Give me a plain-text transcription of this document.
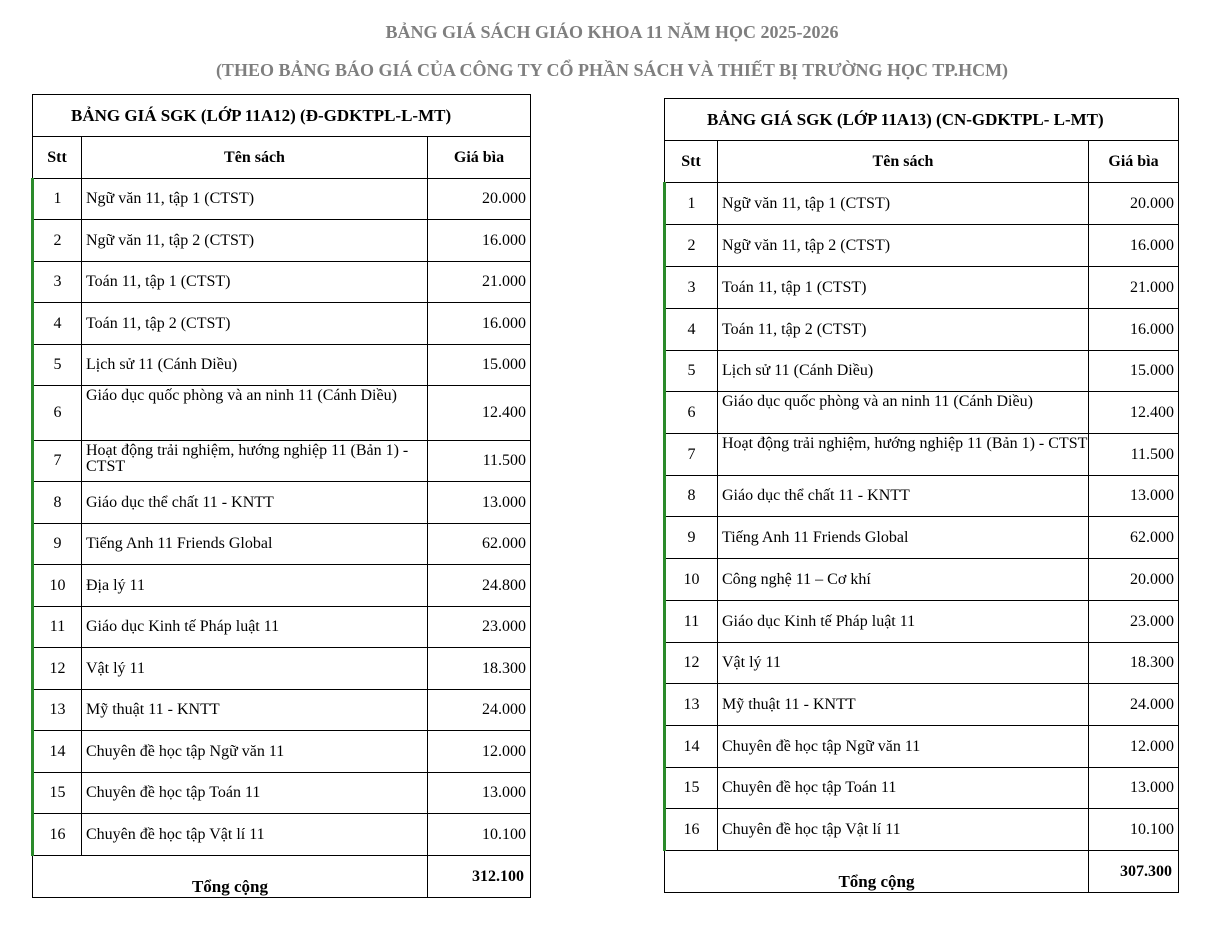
BẢNG GIÁ SÁCH GIÁO KHOA 11 NĂM HỌC 2025-2026
(THEO BẢNG BÁO GIÁ CỦA CÔNG TY CỔ PHẦN SÁCH VÀ THIẾT BỊ TRƯỜNG HỌC TP.HCM)
BẢNG GIÁ SGK (LỚP 11A12) (Đ-GDKTPL-L-MT)		
Stt	Tên sách	Giá bìa
1	Ngữ văn 11, tập 1 (CTST)	20.000
2	Ngữ văn 11, tập 2 (CTST)	16.000
3	Toán 11, tập 1 (CTST)	21.000
4	Toán 11, tập 2 (CTST)	16.000
5	Lịch sử 11 (Cánh Diều)	15.000
6	Giáo dục quốc phòng và an ninh 11 (Cánh Diều)	12.400
7	Hoạt động trải nghiệm, hướng nghiệp 11 (Bản 1) - CTST	11.500
8	Giáo dục thể chất 11 - KNTT	13.000
9	Tiếng Anh 11 Friends Global	62.000
10	Địa lý 11	24.800
11	Giáo dục Kinh tế Pháp luật 11	23.000
12	Vật lý 11	18.300
13	Mỹ thuật 11 - KNTT	24.000
14	Chuyên đề học tập Ngữ văn 11	12.000
15	Chuyên đề học tập Toán 11	13.000
16	Chuyên đề học tập Vật lí 11	10.100
Tổng cộng		312.100
BẢNG GIÁ SGK (LỚP 11A13) (CN-GDKTPL- L-MT)		
Stt	Tên sách	Giá bìa
1	Ngữ văn 11, tập 1 (CTST)	20.000
2	Ngữ văn 11, tập 2 (CTST)	16.000
3	Toán 11, tập 1 (CTST)	21.000
4	Toán 11, tập 2 (CTST)	16.000
5	Lịch sử 11 (Cánh Diều)	15.000
6	Giáo dục quốc phòng và an ninh 11 (Cánh Diều)	12.400
7	Hoạt động trải nghiệm, hướng nghiệp 11 (Bản 1) - CTST	11.500
8	Giáo dục thể chất 11 - KNTT	13.000
9	Tiếng Anh 11 Friends Global	62.000
10	Công nghệ 11 – Cơ khí	20.000
11	Giáo dục Kinh tế Pháp luật 11	23.000
12	Vật lý 11	18.300
13	Mỹ thuật 11 - KNTT	24.000
14	Chuyên đề học tập Ngữ văn 11	12.000
15	Chuyên đề học tập Toán 11	13.000
16	Chuyên đề học tập Vật lí 11	10.100
Tổng cộng		307.300
